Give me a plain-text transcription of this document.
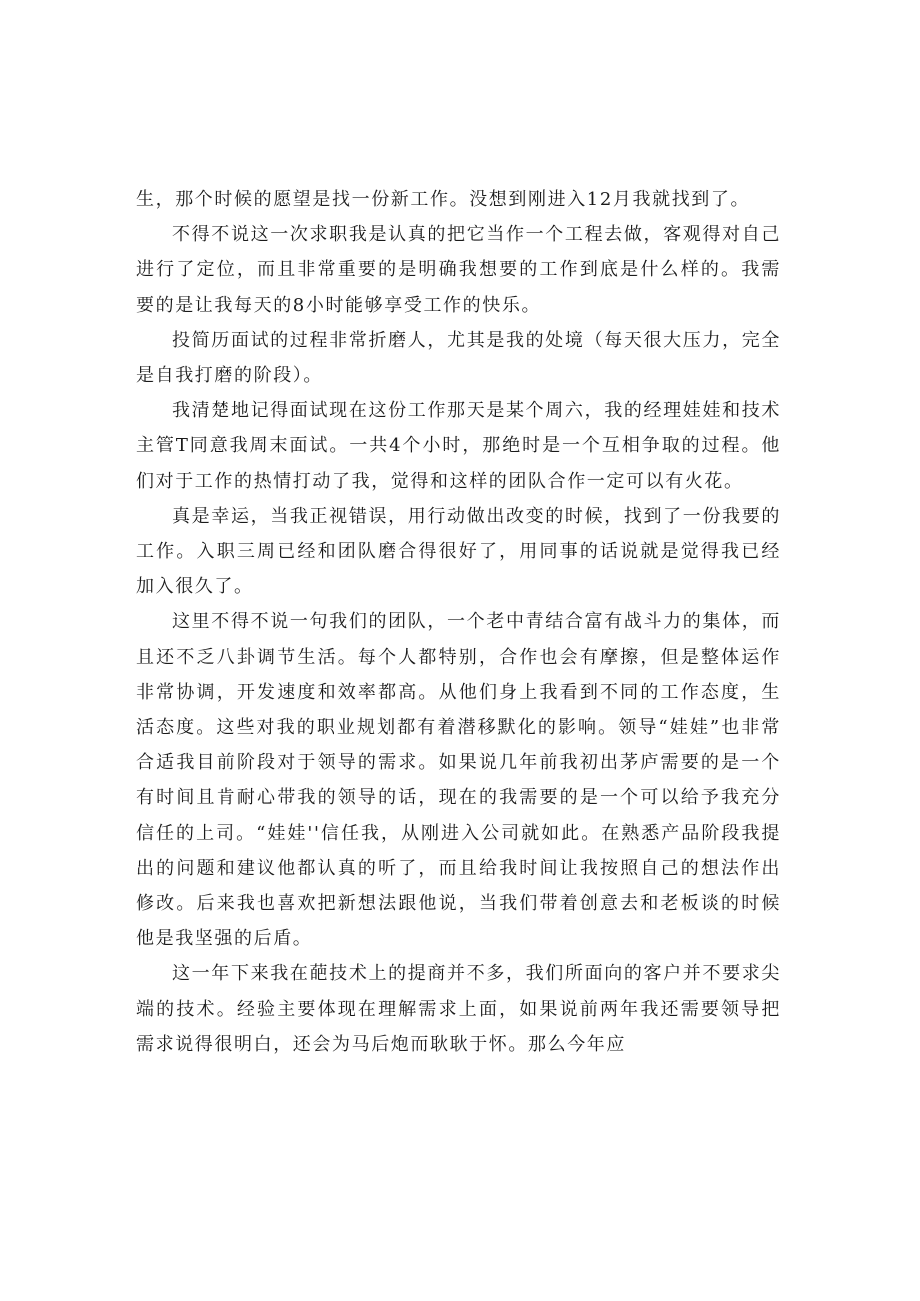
生，那个时候的愿望是找一份新工作。没想到刚进入12月我就找到了。

不得不说这一次求职我是认真的把它当作一个工程去做，客观得对自己进行了定位，而且非常重要的是明确我想要的工作到底是什么样的。我需要的是让我每天的8小时能够享受工作的快乐。

投简历面试的过程非常折磨人，尤其是我的处境（每天很大压力，完全是自我打磨的阶段）。

我清楚地记得面试现在这份工作那天是某个周六，我的经理娃娃和技术主管T同意我周末面试。一共4个小时，那绝时是一个互相争取的过程。他们对于工作的热情打动了我，觉得和这样的团队合作一定可以有火花。

真是幸运，当我正视错误，用行动做出改变的时候，找到了一份我要的工作。入职三周已经和团队磨合得很好了，用同事的话说就是觉得我已经加入很久了。

这里不得不说一句我们的团队，一个老中青结合富有战斗力的集体，而且还不乏八卦调节生活。每个人都特别，合作也会有摩擦，但是整体运作非常协调，开发速度和效率都高。从他们身上我看到不同的工作态度，生活态度。这些对我的职业规划都有着潜移默化的影响。领导“娃娃”也非常合适我目前阶段对于领导的需求。如果说几年前我初出茅庐需要的是一个有时间且肯耐心带我的领导的话，现在的我需要的是一个可以给予我充分信任的上司。“娃娃''信任我，从刚进入公司就如此。在熟悉产品阶段我提出的问题和建议他都认真的听了，而且给我时间让我按照自己的想法作出修改。后来我也喜欢把新想法跟他说，当我们带着创意去和老板谈的时候他是我坚强的后盾。

这一年下来我在葩技术上的提商并不多，我们所面向的客户并不要求尖端的技术。经验主要体现在理解需求上面，如果说前两年我还需要领导把需求说得很明白，还会为马后炮而耿耿于怀。那么今年应
